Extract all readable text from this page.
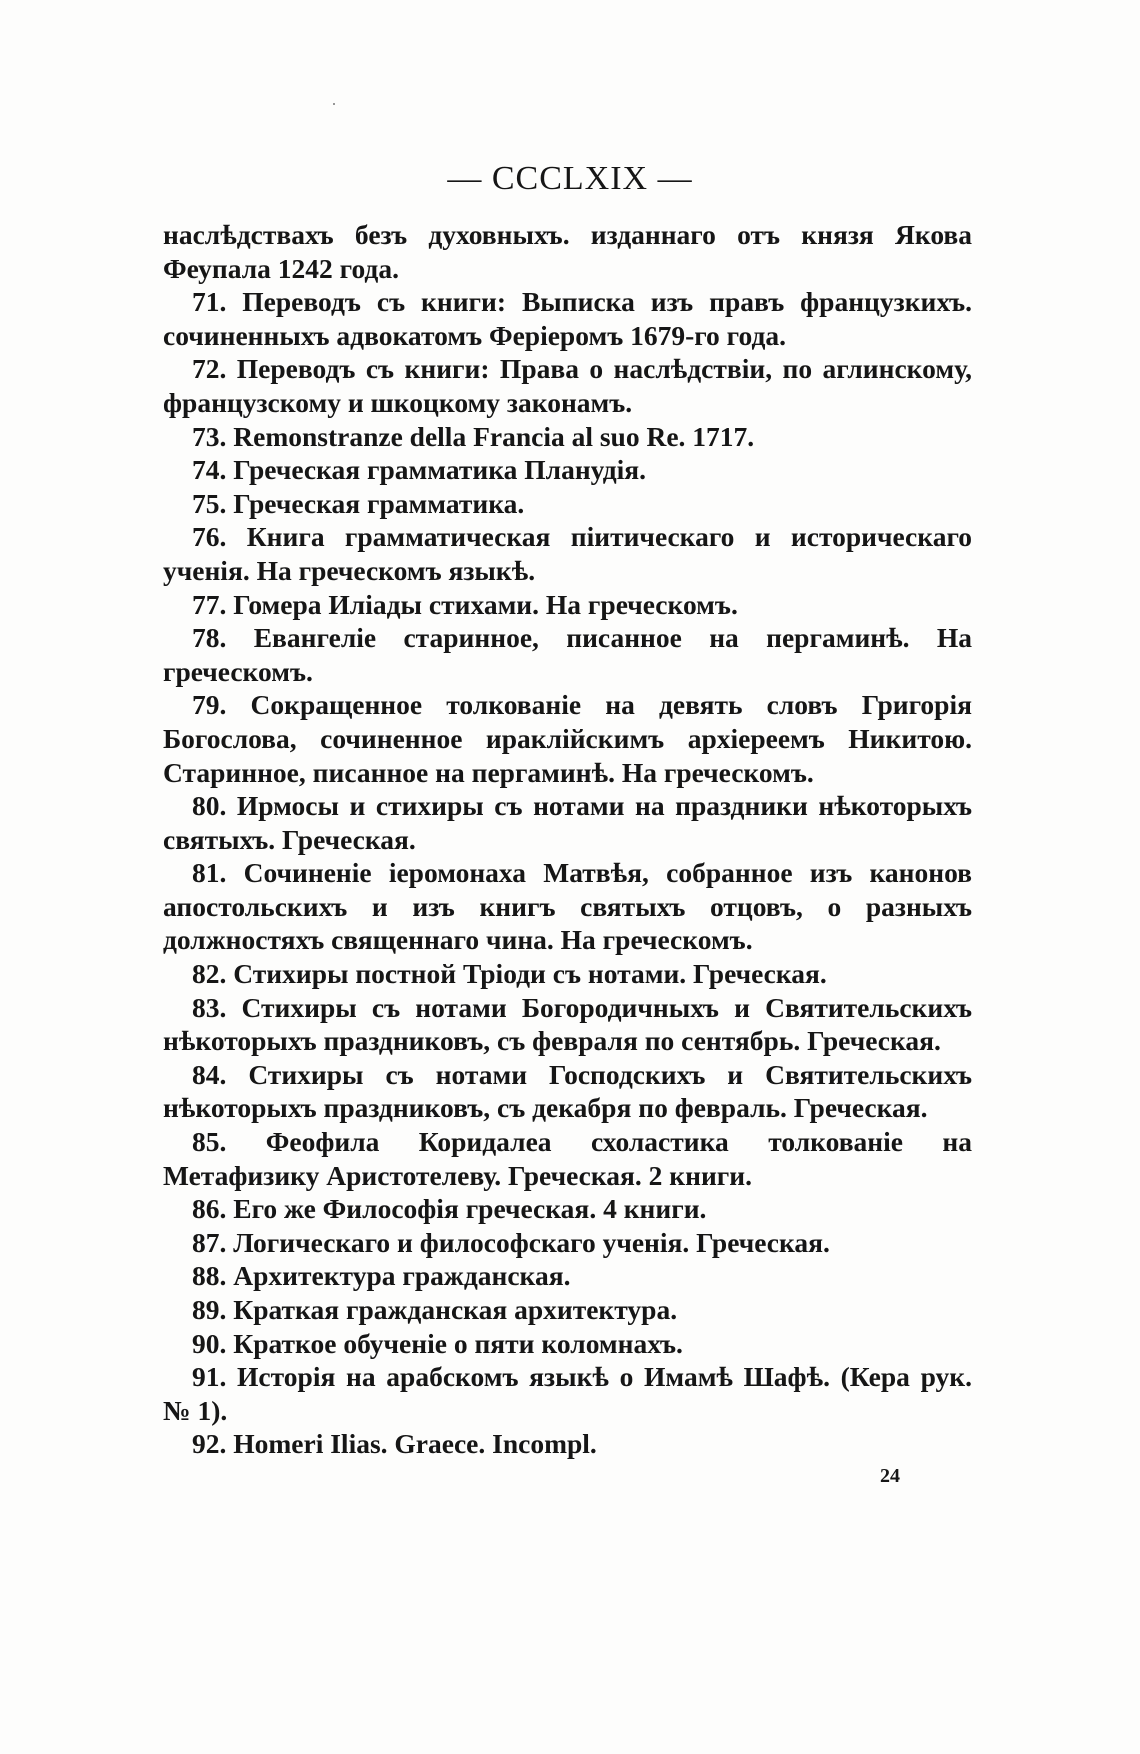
— CCCLXIX —

наслѣдствахъ безъ духовныхъ. изданнаго отъ князя Якова Феупала 1242 года.

71. Переводъ съ книги: Выписка изъ правъ французкихъ. сочиненныхъ адвокатомъ Феріеромъ 1679-го года.

72. Переводъ съ книги: Права о наслѣдствіи, по аглинскому, французскому и шкоцкому законамъ.

73. Remonstranze della Francia al suo Re. 1717.

74. Греческая грамматика Планудія.

75. Греческая грамматика.

76. Книга грамматическая піитическаго и историческаго ученія. На греческомъ языкѣ.

77. Гомера Иліады стихами. На греческомъ.

78. Евангеліе старинное, писанное на пергаминѣ. На греческомъ.

79. Сокращенное толкованіе на девять словъ Григорія Богослова, сочиненное ираклійскимъ архіереемъ Никитою. Старинное, писанное на пергаминѣ. На греческомъ.

80. Ирмосы и стихиры съ нотами на праздники нѣкоторыхъ святыхъ. Греческая.

81. Сочиненіе іеромонаха Матвѣя, собранное изъ канонов апостольскихъ и изъ книгъ святыхъ отцовъ, о разныхъ должностяхъ священнаго чина. На греческомъ.

82. Стихиры постной Тріоди съ нотами. Греческая.

83. Стихиры съ нотами Богородичныхъ и Святительскихъ нѣкоторыхъ праздниковъ, съ февраля по сентябрь. Греческая.

84. Стихиры съ нотами Господскихъ и Святительскихъ нѣкоторыхъ праздниковъ, съ декабря по февраль. Греческая.

85. Феофила Коридалеа схоластика толкованіе на Метафизику Аристотелеву. Греческая. 2 книги.

86. Его же Философія греческая. 4 книги.

87. Логическаго и философскаго ученія. Греческая.

88. Архитектура гражданская.

89. Краткая гражданская архитектура.

90. Краткое обученіе о пяти коломнахъ.

91. Исторія на арабскомъ языкѣ о Имамѣ Шафѣ. (Кера рук. № 1).

92. Homeri Ilias. Graece. Incompl.

24
